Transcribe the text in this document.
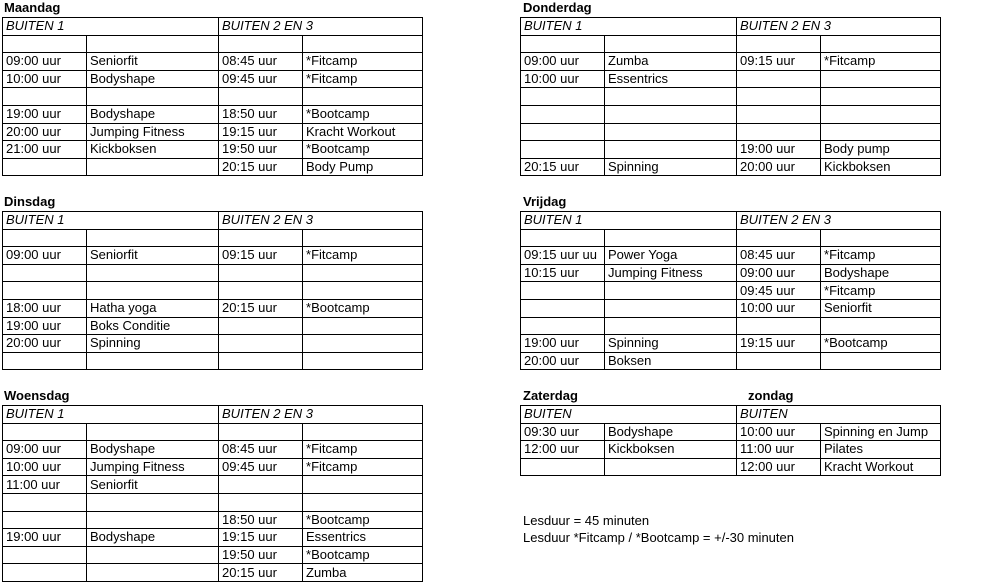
Maandag
Dinsdag
Woensdag
Donderdag
Vrijdag
Zaterdag	zondag
BUITEN 1		BUITEN 2 EN 3	

09:00 uur	Seniorfit	08:45 uur	*Fitcamp
10:00 uur	Bodyshape	09:45 uur	*Fitcamp

19:00 uur	Bodyshape	18:50 uur	*Bootcamp
20:00 uur	Jumping Fitness	19:15 uur	Kracht Workout
21:00 uur	Kickboksen	19:50 uur	*Bootcamp
		20:15 uur	Body Pump
BUITEN 1		BUITEN 2 EN 3	

09:00 uur	Seniorfit	09:15 uur	*Fitcamp

18:00 uur	Hatha yoga	20:15 uur	*Bootcamp
19:00 uur	Boks Conditie		
20:00 uur	Spinning		

BUITEN 1		BUITEN 2 EN 3	

09:00 uur	Bodyshape	08:45 uur	*Fitcamp
10:00 uur	Jumping Fitness	09:45 uur	*Fitcamp
11:00 uur	Seniorfit		

		18:50 uur	*Bootcamp
19:00 uur	Bodyshape	19:15 uur	Essentrics
		19:50 uur	*Bootcamp
		20:15 uur	Zumba
BUITEN 1		BUITEN 2 EN 3	

09:00 uur	Zumba	09:15 uur	*Fitcamp
10:00 uur	Essentrics		

		19:00 uur	Body pump
20:15 uur	Spinning	20:00 uur	Kickboksen
BUITEN 1		BUITEN 2 EN 3	

09:15 uur uu	Power Yoga	08:45 uur	*Fitcamp
10:15 uur	Jumping Fitness	09:00 uur	Bodyshape
		09:45 uur	*Fitcamp
		10:00 uur	Seniorfit

19:00 uur	Spinning	19:15 uur	*Bootcamp
20:00 uur	Boksen		
BUITEN		BUITEN	
09:30 uur	Bodyshape	10:00 uur	Spinning en Jump
12:00 uur	Kickboksen	11:00 uur	Pilates
		12:00 uur	Kracht Workout
Lesduur = 45 minuten
Lesduur *Fitcamp / *Bootcamp = +/-30 minuten
